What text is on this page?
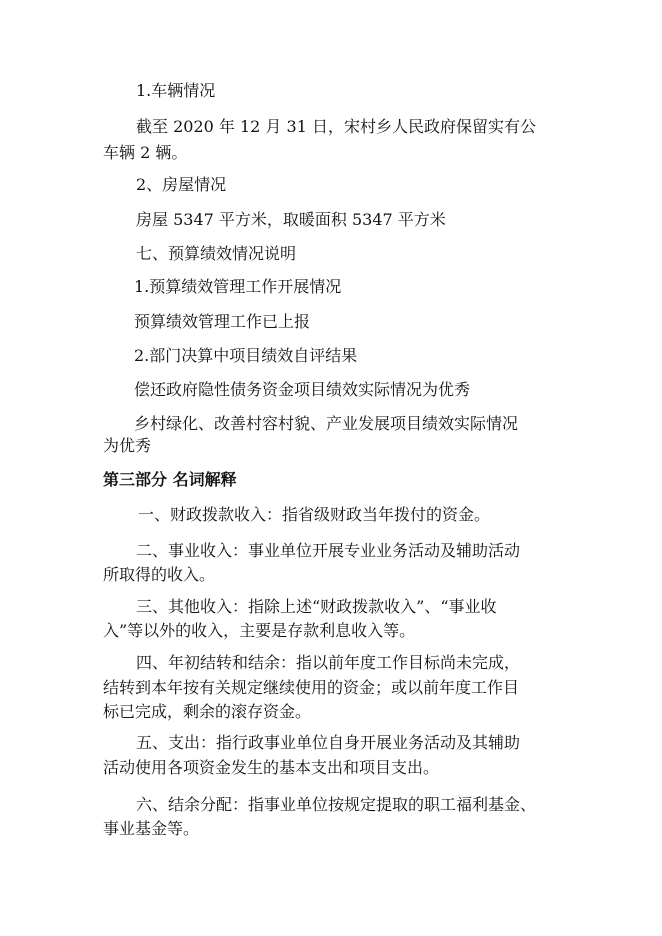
1.车辆情况
截至 2020 年 12 月 31 日，宋村乡人民政府保留实有公
车辆 2 辆。
2、房屋情况
房屋 5347 平方米，取暖面积 5347 平方米
七、预算绩效情况说明
1.预算绩效管理工作开展情况
预算绩效管理工作已上报
2.部门决算中项目绩效自评结果
偿还政府隐性债务资金项目绩效实际情况为优秀
乡村绿化、改善村容村貌、产业发展项目绩效实际情况
为优秀
第三部分 名词解释
一、财政拨款收入：指省级财政当年拨付的资金。
二、事业收入：事业单位开展专业业务活动及辅助活动
所取得的收入。
三、其他收入：指除上述“财政拨款收入”、“事业收
入”等以外的收入，主要是存款利息收入等。
四、年初结转和结余：指以前年度工作目标尚未完成，
结转到本年按有关规定继续使用的资金；或以前年度工作目
标已完成，剩余的滚存资金。
五、支出：指行政事业单位自身开展业务活动及其辅助
活动使用各项资金发生的基本支出和项目支出。
六、结余分配：指事业单位按规定提取的职工福利基金、
事业基金等。
